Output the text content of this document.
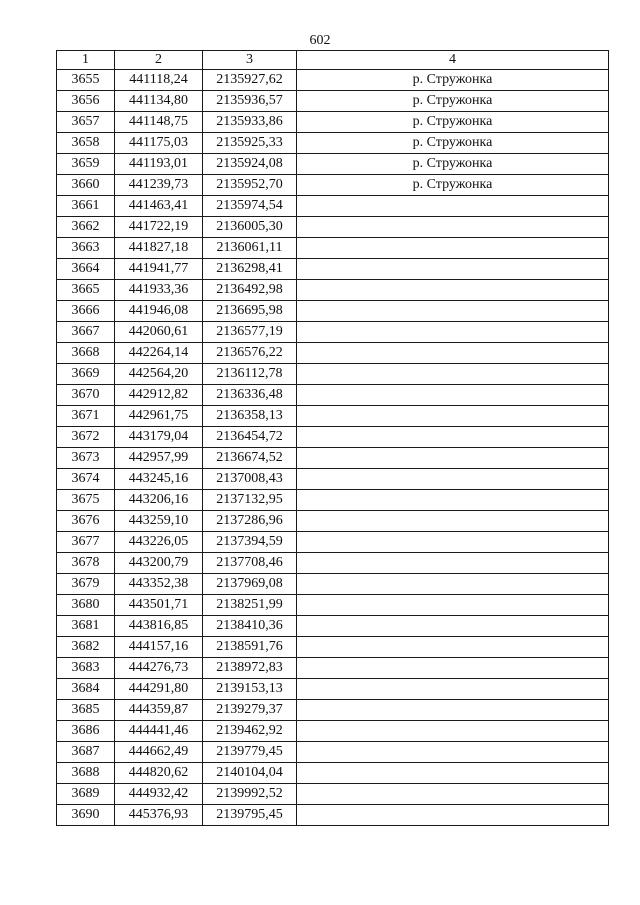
602
1	2	3	4
3655	441118,24	2135927,62	р. Стружонка
3656	441134,80	2135936,57	р. Стружонка
3657	441148,75	2135933,86	р. Стружонка
3658	441175,03	2135925,33	р. Стружонка
3659	441193,01	2135924,08	р. Стружонка
3660	441239,73	2135952,70	р. Стружонка
3661	441463,41	2135974,54	
3662	441722,19	2136005,30	
3663	441827,18	2136061,11	
3664	441941,77	2136298,41	
3665	441933,36	2136492,98	
3666	441946,08	2136695,98	
3667	442060,61	2136577,19	
3668	442264,14	2136576,22	
3669	442564,20	2136112,78	
3670	442912,82	2136336,48	
3671	442961,75	2136358,13	
3672	443179,04	2136454,72	
3673	442957,99	2136674,52	
3674	443245,16	2137008,43	
3675	443206,16	2137132,95	
3676	443259,10	2137286,96	
3677	443226,05	2137394,59	
3678	443200,79	2137708,46	
3679	443352,38	2137969,08	
3680	443501,71	2138251,99	
3681	443816,85	2138410,36	
3682	444157,16	2138591,76	
3683	444276,73	2138972,83	
3684	444291,80	2139153,13	
3685	444359,87	2139279,37	
3686	444441,46	2139462,92	
3687	444662,49	2139779,45	
3688	444820,62	2140104,04	
3689	444932,42	2139992,52	
3690	445376,93	2139795,45	
